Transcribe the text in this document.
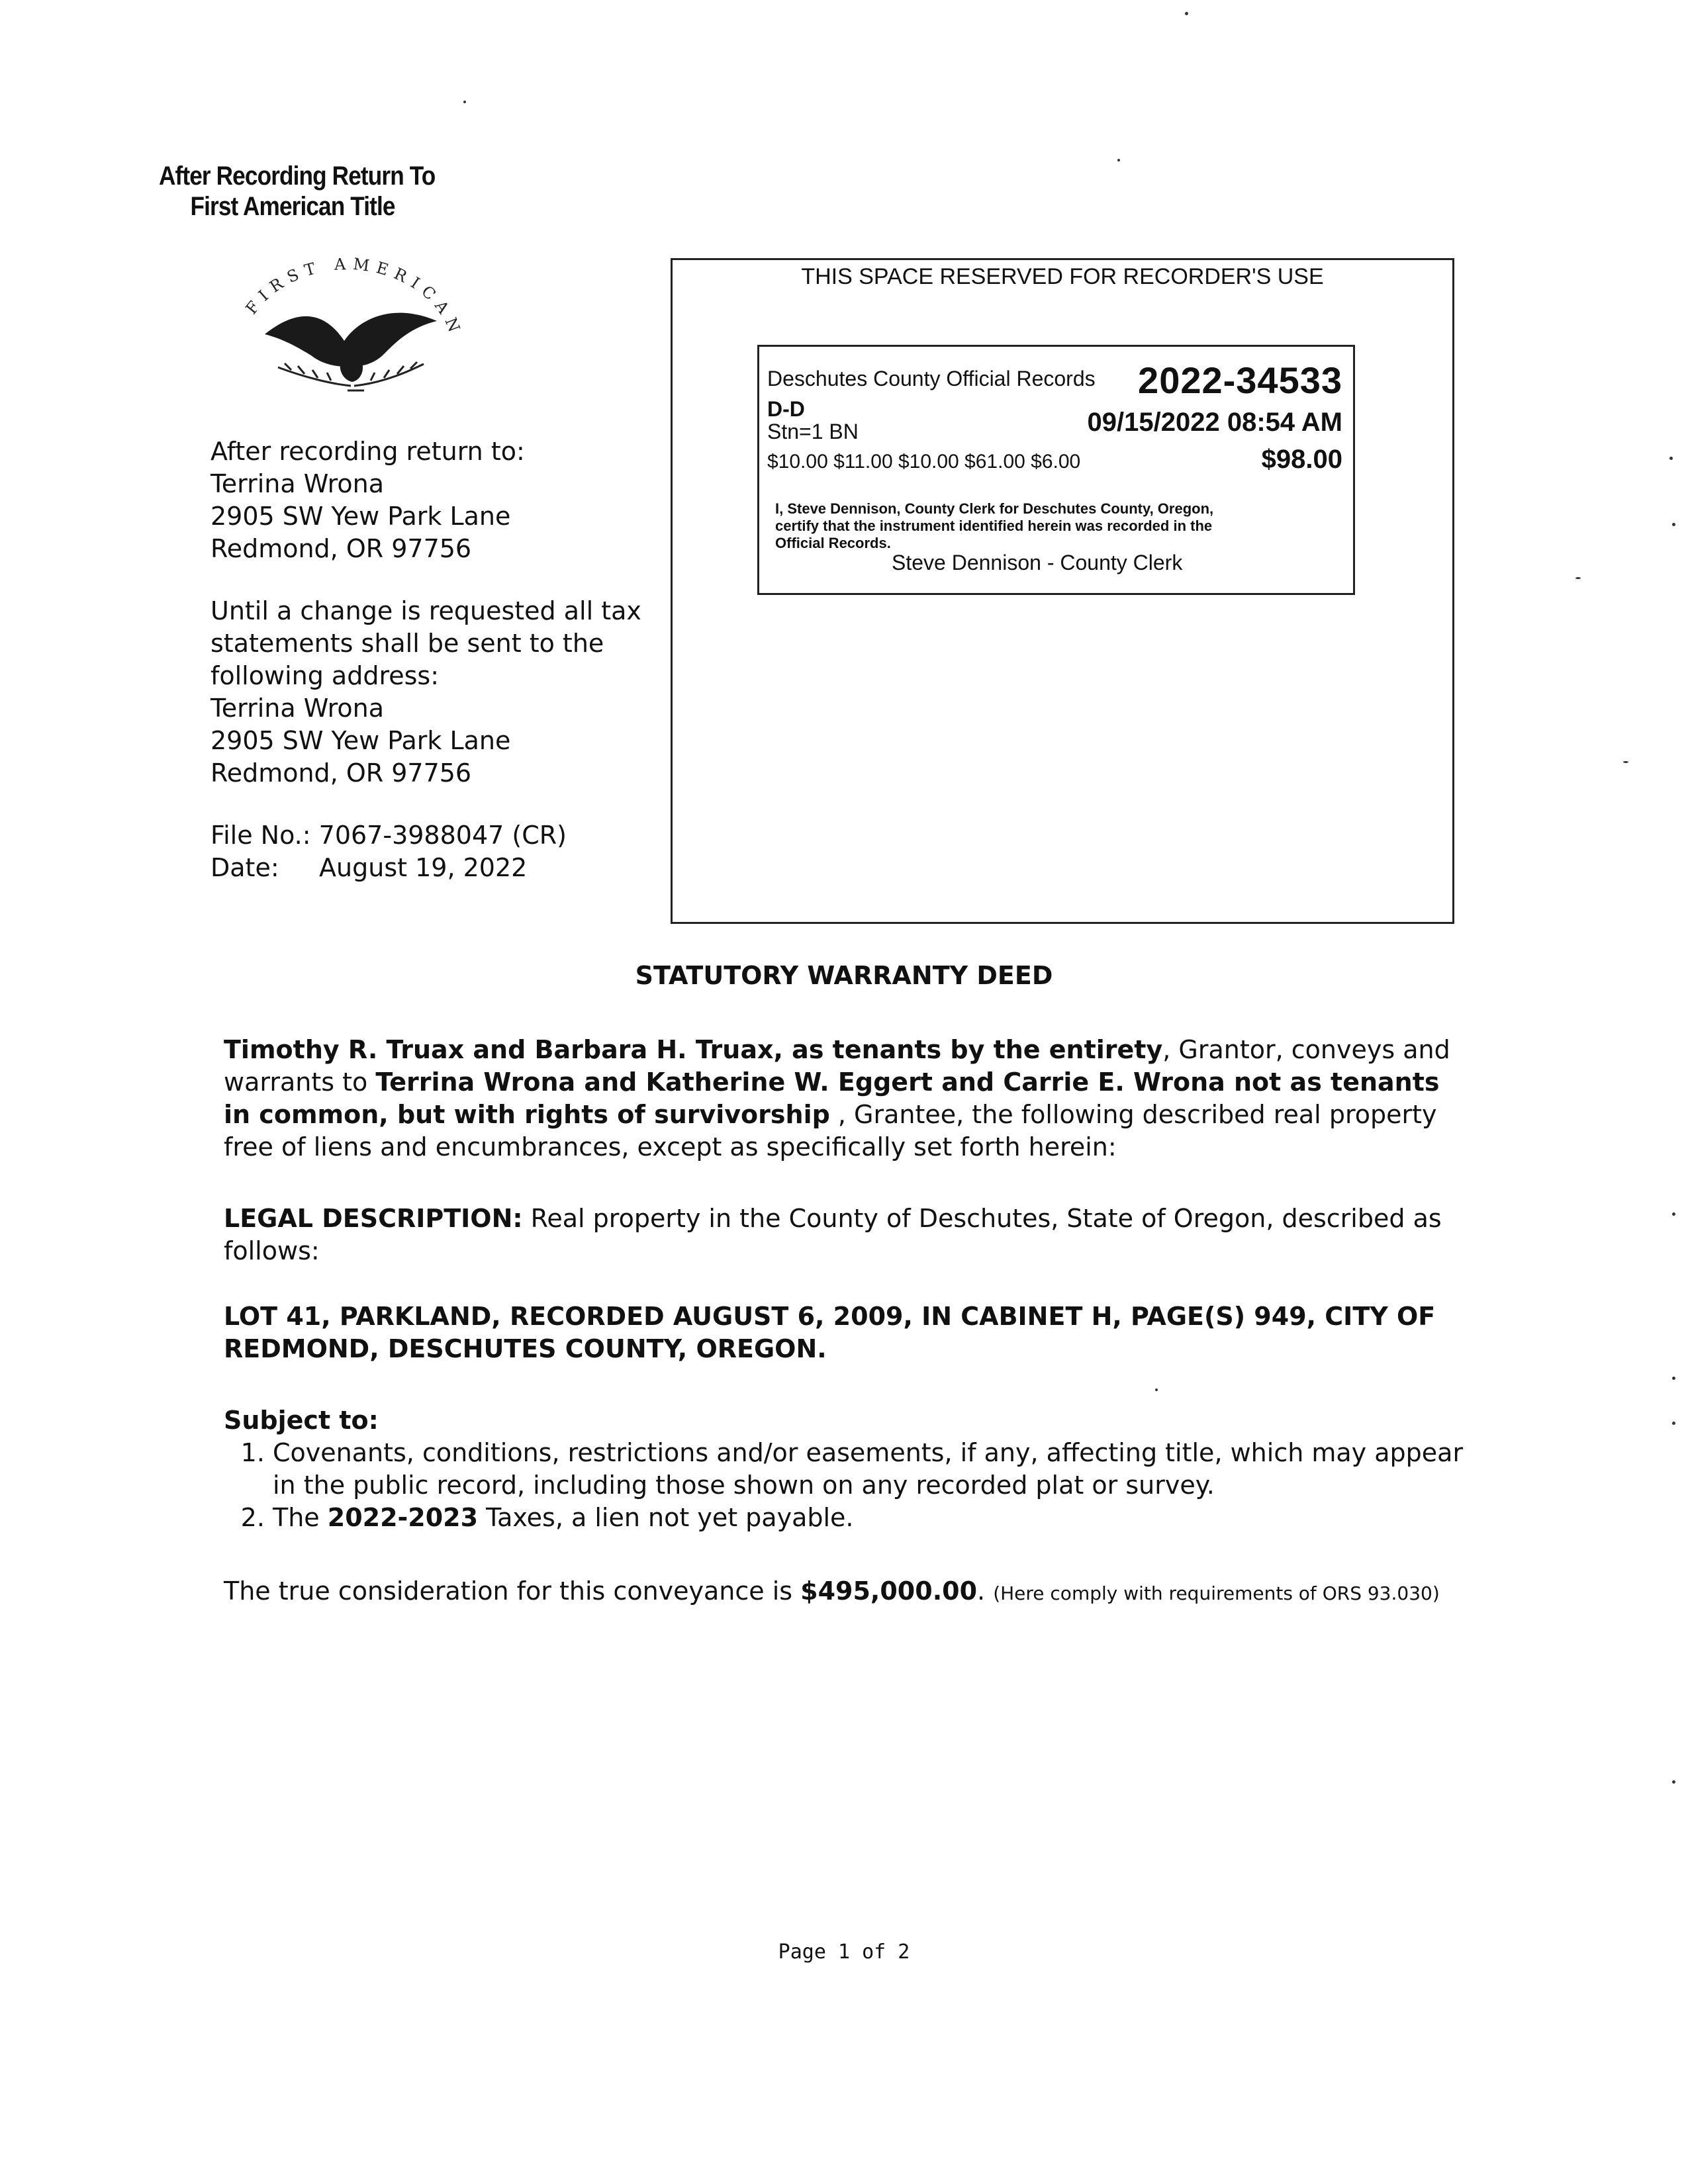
After Recording Return To
First American Title
FIRST AMERICAN

After recording return to:

Terrina Wrona

2905 SW Yew Park Lane

Redmond, OR 97756

Until a change is requested all tax

statements shall be sent to the

following address:

Terrina Wrona

2905 SW Yew Park Lane

Redmond, OR 97756

File No.: 7067-3988047 (CR)

Date: August 19, 2022

THIS SPACE RESERVED FOR RECORDER'S USE
Deschutes County Official Records 2022-34533
D-D
Stn=1 BN	09/15/2022 08:54 AM
$10.00 $11.00 $10.00 $61.00 $6.00	$98.00
I, Steve Dennison, County Clerk for Deschutes County, Oregon,
certify that the instrument identified herein was recorded in the
Official Records.
Steve Dennison - County Clerk
STATUTORY WARRANTY DEED

Timothy R. Truax and Barbara H. Truax, as tenants by the entirety, Grantor, conveys and warrants to Terrina Wrona and Katherine W. Eggert and Carrie E. Wrona not as tenants in common, but with rights of survivorship , Grantee, the following described real property free of liens and encumbrances, except as specifically set forth herein:

LEGAL DESCRIPTION: Real property in the County of Deschutes, State of Oregon, described as follows:

LOT 41, PARKLAND, RECORDED AUGUST 6, 2009, IN CABINET H, PAGE(S) 949, CITY OF REDMOND, DESCHUTES COUNTY, OREGON.

Subject to:

1. Covenants, conditions, restrictions and/or easements, if any, affecting title, which may appear in the public record, including those shown on any recorded plat or survey.
2. The 2022-2023 Taxes, a lien not yet payable.

The true consideration for this conveyance is $495,000.00. (Here comply with requirements of ORS 93.030)

Page 1 of 2
